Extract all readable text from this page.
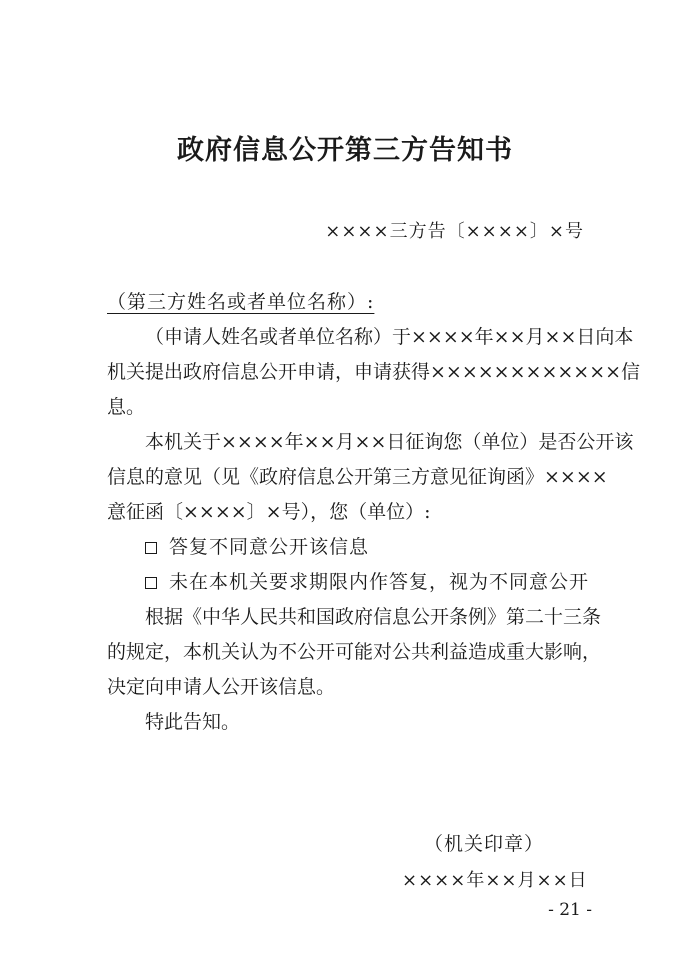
政府信息公开第三方告知书
××××三方告〔××××〕×号
（第三方姓名或者单位名称）:
（申请人姓名或者单位名称）于××××年××月××日向本
机关提出政府信息公开申请，申请获得××××××××××××信
息。
本机关于××××年××月××日征询您（单位）是否公开该
信息的意见（见《政府信息公开第三方意见征询函》××××
意征函〔××××〕×号），您（单位）:
答复不同意公开该信息
未在本机关要求期限内作答复，视为不同意公开
根据《中华人民共和国政府信息公开条例》第二十三条
的规定，本机关认为不公开可能对公共利益造成重大影响，
决定向申请人公开该信息。
特此告知。
（机关印章）
××××年××月××日
- 21 -
